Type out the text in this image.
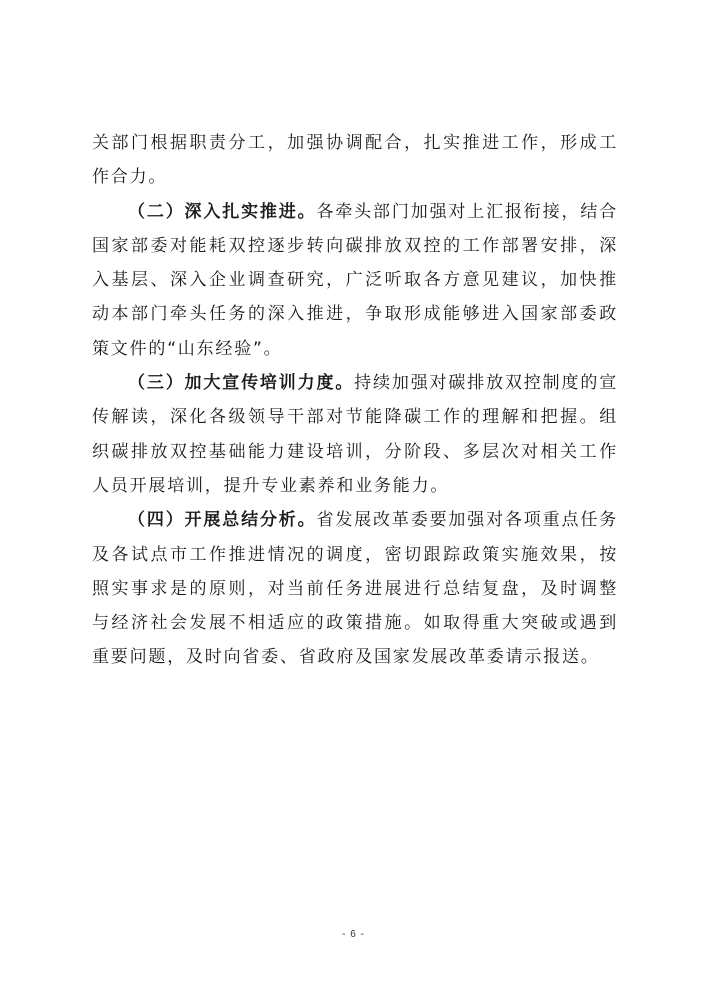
关部门根据职责分工，加强协调配合，扎实推进工作，形成工作合力。

（二）深入扎实推进。各牵头部门加强对上汇报衔接，结合国家部委对能耗双控逐步转向碳排放双控的工作部署安排，深入基层、深入企业调查研究，广泛听取各方意见建议，加快推动本部门牵头任务的深入推进，争取形成能够进入国家部委政策文件的“山东经验”。

（三）加大宣传培训力度。持续加强对碳排放双控制度的宣传解读，深化各级领导干部对节能降碳工作的理解和把握。组织碳排放双控基础能力建设培训，分阶段、多层次对相关工作人员开展培训，提升专业素养和业务能力。

（四）开展总结分析。省发展改革委要加强对各项重点任务及各试点市工作推进情况的调度，密切跟踪政策实施效果，按照实事求是的原则，对当前任务进展进行总结复盘，及时调整与经济社会发展不相适应的政策措施。如取得重大突破或遇到重要问题，及时向省委、省政府及国家发展改革委请示报送。

- 6 -
